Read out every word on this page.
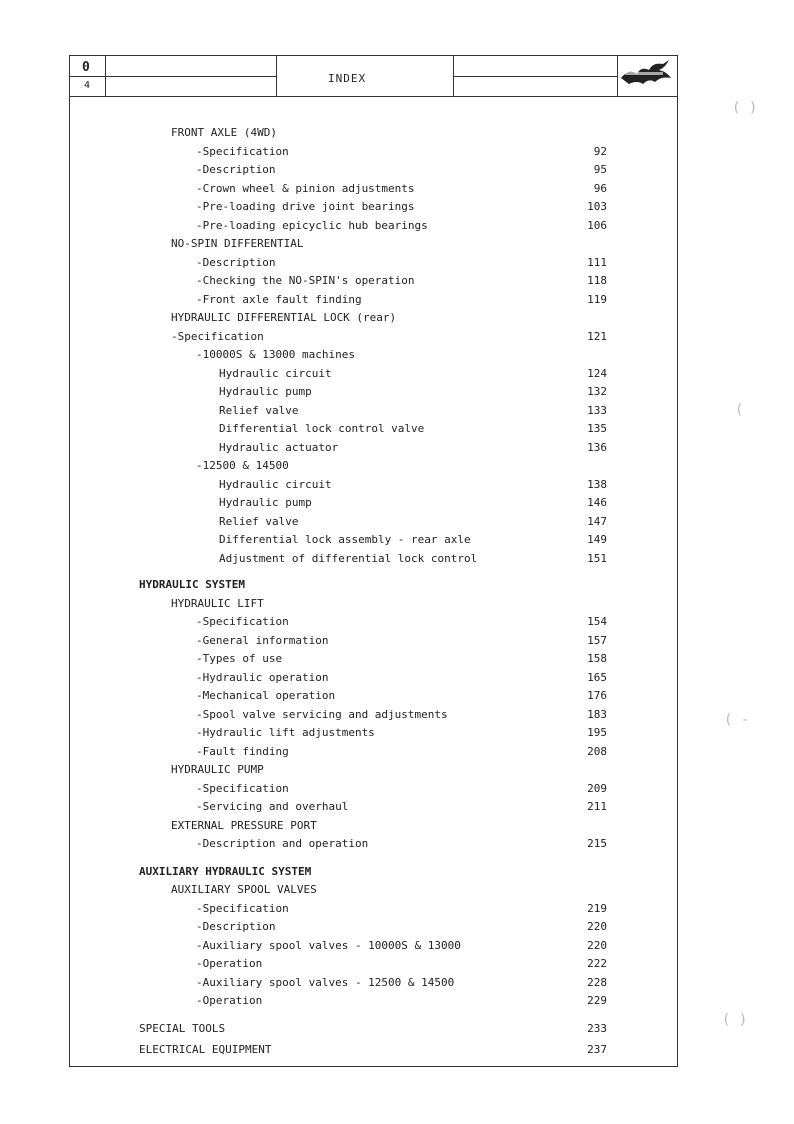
0
4
INDEX
FRONT AXLE (4WD)
-Specification	92
-Description	95
-Crown wheel & pinion adjustments	96
-Pre-loading drive joint bearings	103
-Pre-loading epicyclic hub bearings	106
NO-SPIN DIFFERENTIAL
-Description	111
-Checking the NO-SPIN's operation	118
-Front axle fault finding	119
HYDRAULIC DIFFERENTIAL LOCK (rear)
-Specification	121
-10000S & 13000 machines
Hydraulic circuit	124
Hydraulic pump	132
Relief valve	133
Differential lock control valve	135
Hydraulic actuator	136
-12500 & 14500
Hydraulic circuit	138
Hydraulic pump	146
Relief valve	147
Differential lock assembly - rear axle	149
Adjustment of differential lock control	151
HYDRAULIC SYSTEM
HYDRAULIC LIFT
-Specification	154
-General information	157
-Types of use	158
-Hydraulic operation	165
-Mechanical operation	176
-Spool valve servicing and adjustments	183
-Hydraulic lift adjustments	195
-Fault finding	208
HYDRAULIC PUMP
-Specification	209
-Servicing and overhaul	211
EXTERNAL PRESSURE PORT
-Description and operation	215
AUXILIARY HYDRAULIC SYSTEM
AUXILIARY SPOOL VALVES
-Specification	219
-Description	220
-Auxiliary spool valves - 10000S & 13000	220
-Operation	222
-Auxiliary spool valves - 12500 & 14500	228
-Operation	229
SPECIAL TOOLS	233
ELECTRICAL EQUIPMENT	237
( )
(
( -
( )
